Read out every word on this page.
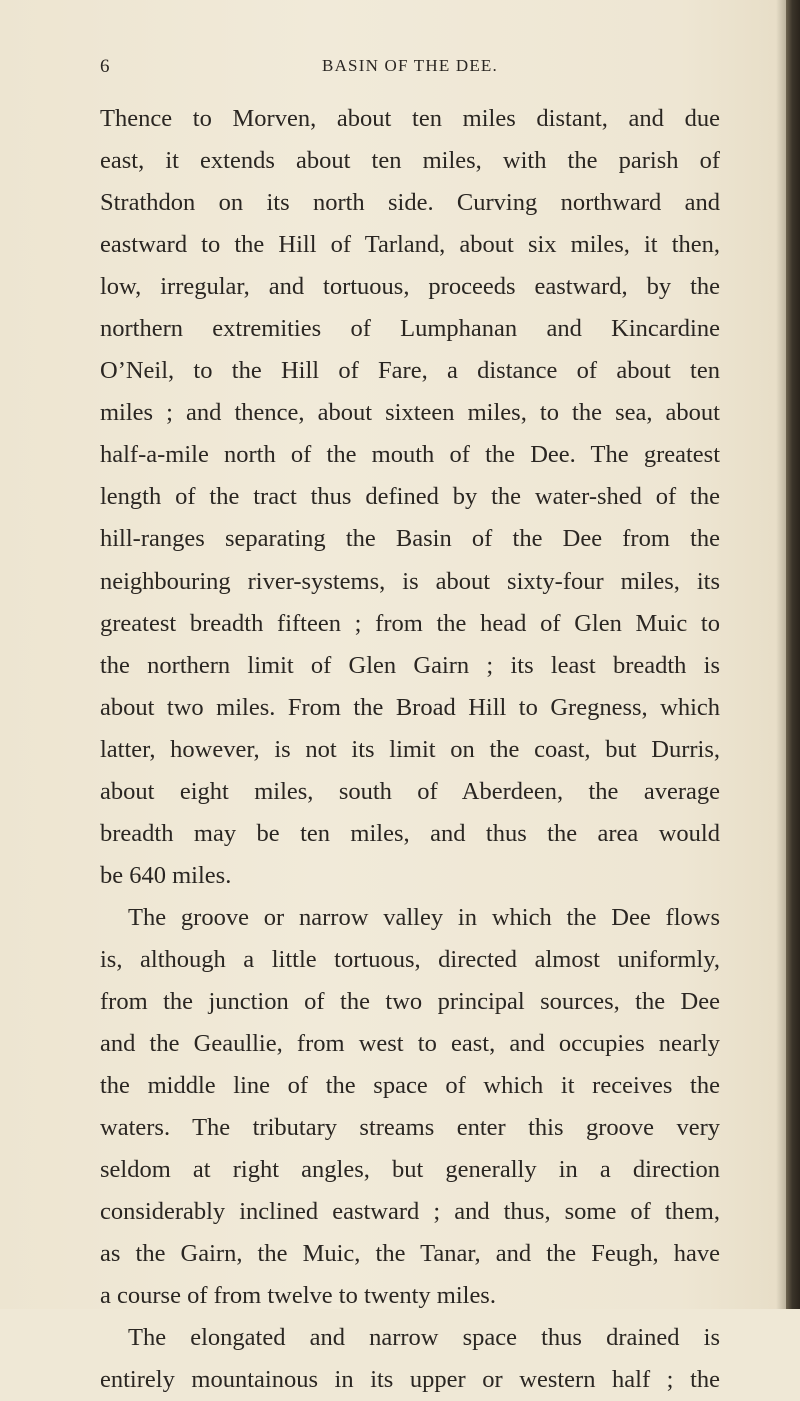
6	BASIN OF THE DEE.
Thence to Morven, about ten miles distant, and due
east, it extends about ten miles, with the parish of
Strathdon on its north side. Curving northward and
eastward to the Hill of Tarland, about six miles, it then,
low, irregular, and tortuous, proceeds eastward, by the
northern extremities of Lumphanan and Kincardine
O’Neil, to the Hill of Fare, a distance of about ten
miles ; and thence, about sixteen miles, to the sea, about
half-a-mile north of the mouth of the Dee. The greatest
length of the tract thus defined by the water-shed of the
hill-ranges separating the Basin of the Dee from the
neighbouring river-systems, is about sixty-four miles, its
greatest breadth fifteen ; from the head of Glen Muic to
the northern limit of Glen Gairn ; its least breadth is
about two miles. From the Broad Hill to Gregness, which
latter, however, is not its limit on the coast, but Durris,
about eight miles, south of Aberdeen, the average
breadth may be ten miles, and thus the area would
be 640 miles.
The groove or narrow valley in which the Dee flows
is, although a little tortuous, directed almost uniformly,
from the junction of the two principal sources, the Dee
and the Geaullie, from west to east, and occupies nearly
the middle line of the space of which it receives the
waters. The tributary streams enter this groove very
seldom at right angles, but generally in a direction
considerably inclined eastward ; and thus, some of them,
as the Gairn, the Muic, the Tanar, and the Feugh, have
a course of from twelve to twenty miles.
The elongated and narrow space thus drained is
entirely mountainous in its upper or western half ; the
